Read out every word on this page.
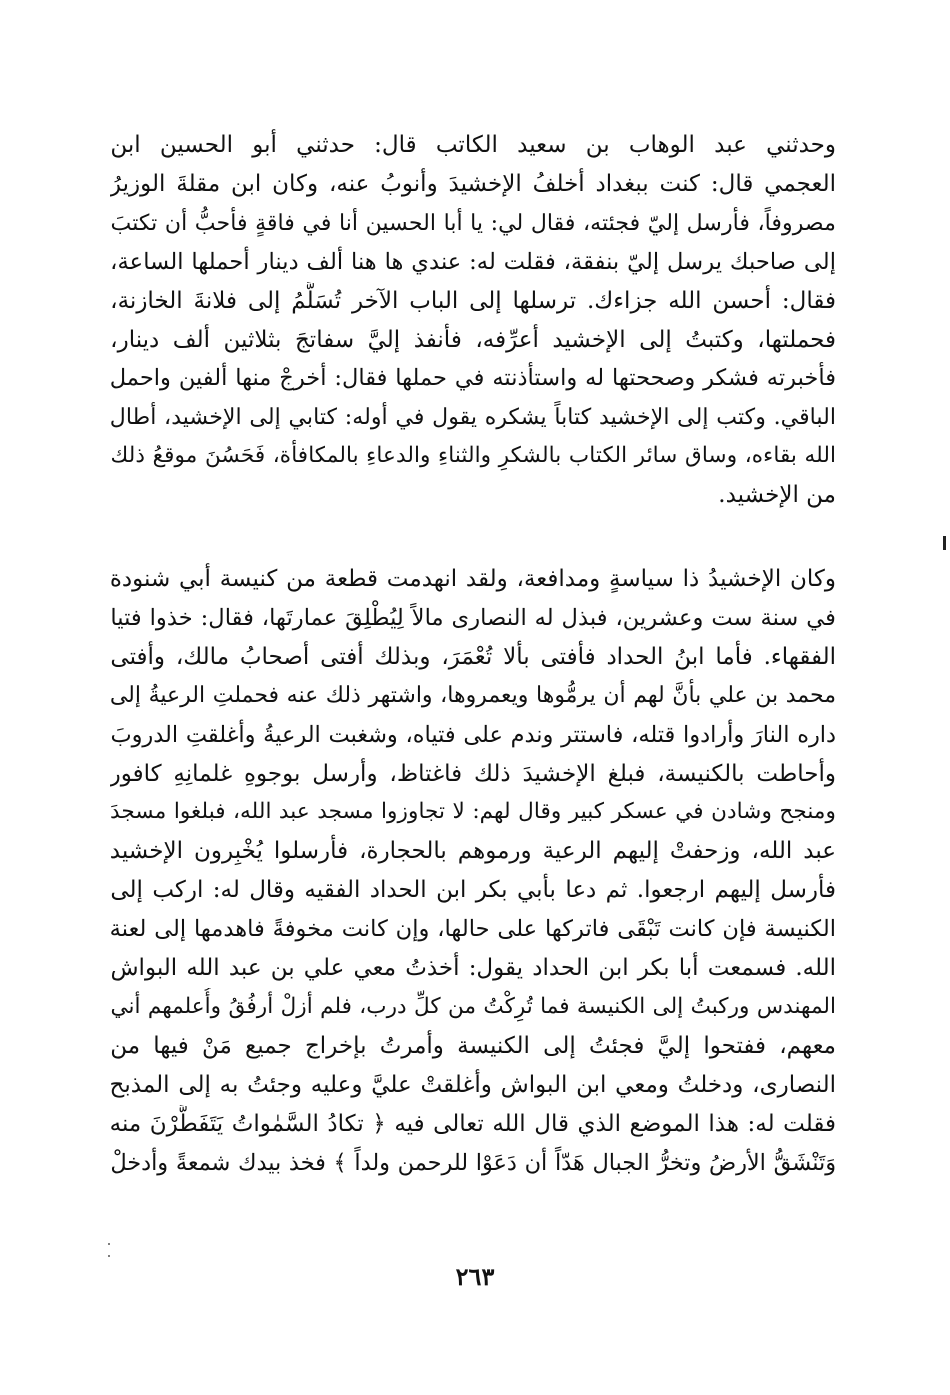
وحدثني عبد الوهاب بن سعيد الكاتب قال: حدثني أبو الحسين ابن
العجمي قال: كنت ببغداد أخلفُ الإخشيدَ وأنوبُ عنه، وكان ابن مقلةَ الوزيرُ
مصروفاً، فأرسل إليّ فجئته، فقال لي: يا أبا الحسين أنا في فاقةٍ فأحبُّ أن تكتبَ
إلى صاحبك يرسل إليّ بنفقة، فقلت له: عندي ها هنا ألف دينار أحملها الساعة،
فقال: أحسن الله جزاءك. ترسلها إلى الباب الآخر تُسَلَّمُ إلى فلانةَ الخازنة،
فحملتها، وكتبتُ إلى الإخشيد أعرِّفه، فأنفذ إليَّ سفاتجَ بثلاثين ألف دينار،
فأخبرته فشكر وصححتها له واستأذنته في حملها فقال: أخرجْ منها ألفين واحمل
الباقي. وكتب إلى الإخشيد كتاباً يشكره يقول في أوله: كتابي إلى الإخشيد، أطال
الله بقاءه، وساق سائر الكتاب بالشكرِ والثناءِ والدعاءِ بالمكافأة، فَحَسُنَ موقعُ ذلك
من الإخشيد.
وكان الإخشيدُ ذا سياسةٍ ومدافعة، ولقد انهدمت قطعة من كنيسة أبي شنودة
في سنة ست وعشرين، فبذل له النصارى مالاً لِيُطْلِقَ عمارتَها، فقال: خذوا فتيا
الفقهاء. فأما ابنُ الحداد فأفتى بألا تُعْمَرَ، وبذلك أفتى أصحابُ مالك، وأفتى
محمد بن علي بأنَّ لهم أن يرمُّوها ويعمروها، واشتهر ذلك عنه فحملتِ الرعيةُ إلى
داره النارَ وأرادوا قتله، فاستتر وندم على فتياه، وشغبت الرعيةُ وأغلقتِ الدروبَ
وأحاطت بالكنيسة، فبلغ الإخشيدَ ذلك فاغتاظ، وأرسل بوجوهِ غلمانِهِ كافور
ومنجح وشادن في عسكر كبير وقال لهم: لا تجاوزوا مسجد عبد الله، فبلغوا مسجدَ
عبد الله، وزحفتْ إليهم الرعية ورموهم بالحجارة، فأرسلوا يُخْبِرون الإخشيد
فأرسل إليهم ارجعوا. ثم دعا بأبي بكر ابن الحداد الفقيه وقال له: اركب إلى
الكنيسة فإن كانت تَبْقَى فاتركها على حالها، وإن كانت مخوفةً فاهدمها إلى لعنة
الله. فسمعت أبا بكر ابن الحداد يقول: أخذتُ معي علي بن عبد الله البواش
المهندس وركبتُ إلى الكنيسة فما تُرِكْتُ من كلِّ درب، فلم أزلْ أرفُقُ وأُعلمهم أني
معهم، ففتحوا إليَّ فجئتُ إلى الكنيسة وأمرتُ بإخراج جميع مَنْ فيها من
النصارى، ودخلتُ ومعي ابن البواش وأغلقتْ عليَّ وعليه وجئتُ به إلى المذبح
فقلت له: هذا الموضع الذي قال الله تعالى فيه ﴿ تكادُ السَّمٰواتُ يَتَفَطَّرْنَ منه
وَتَنْشَقُّ الأرضُ وتخرُّ الجبال هَدّاً أن دَعَوْا للرحمن ولداً ﴾ فخذ بيدك شمعةً وأدخلْ
٢٦٣
